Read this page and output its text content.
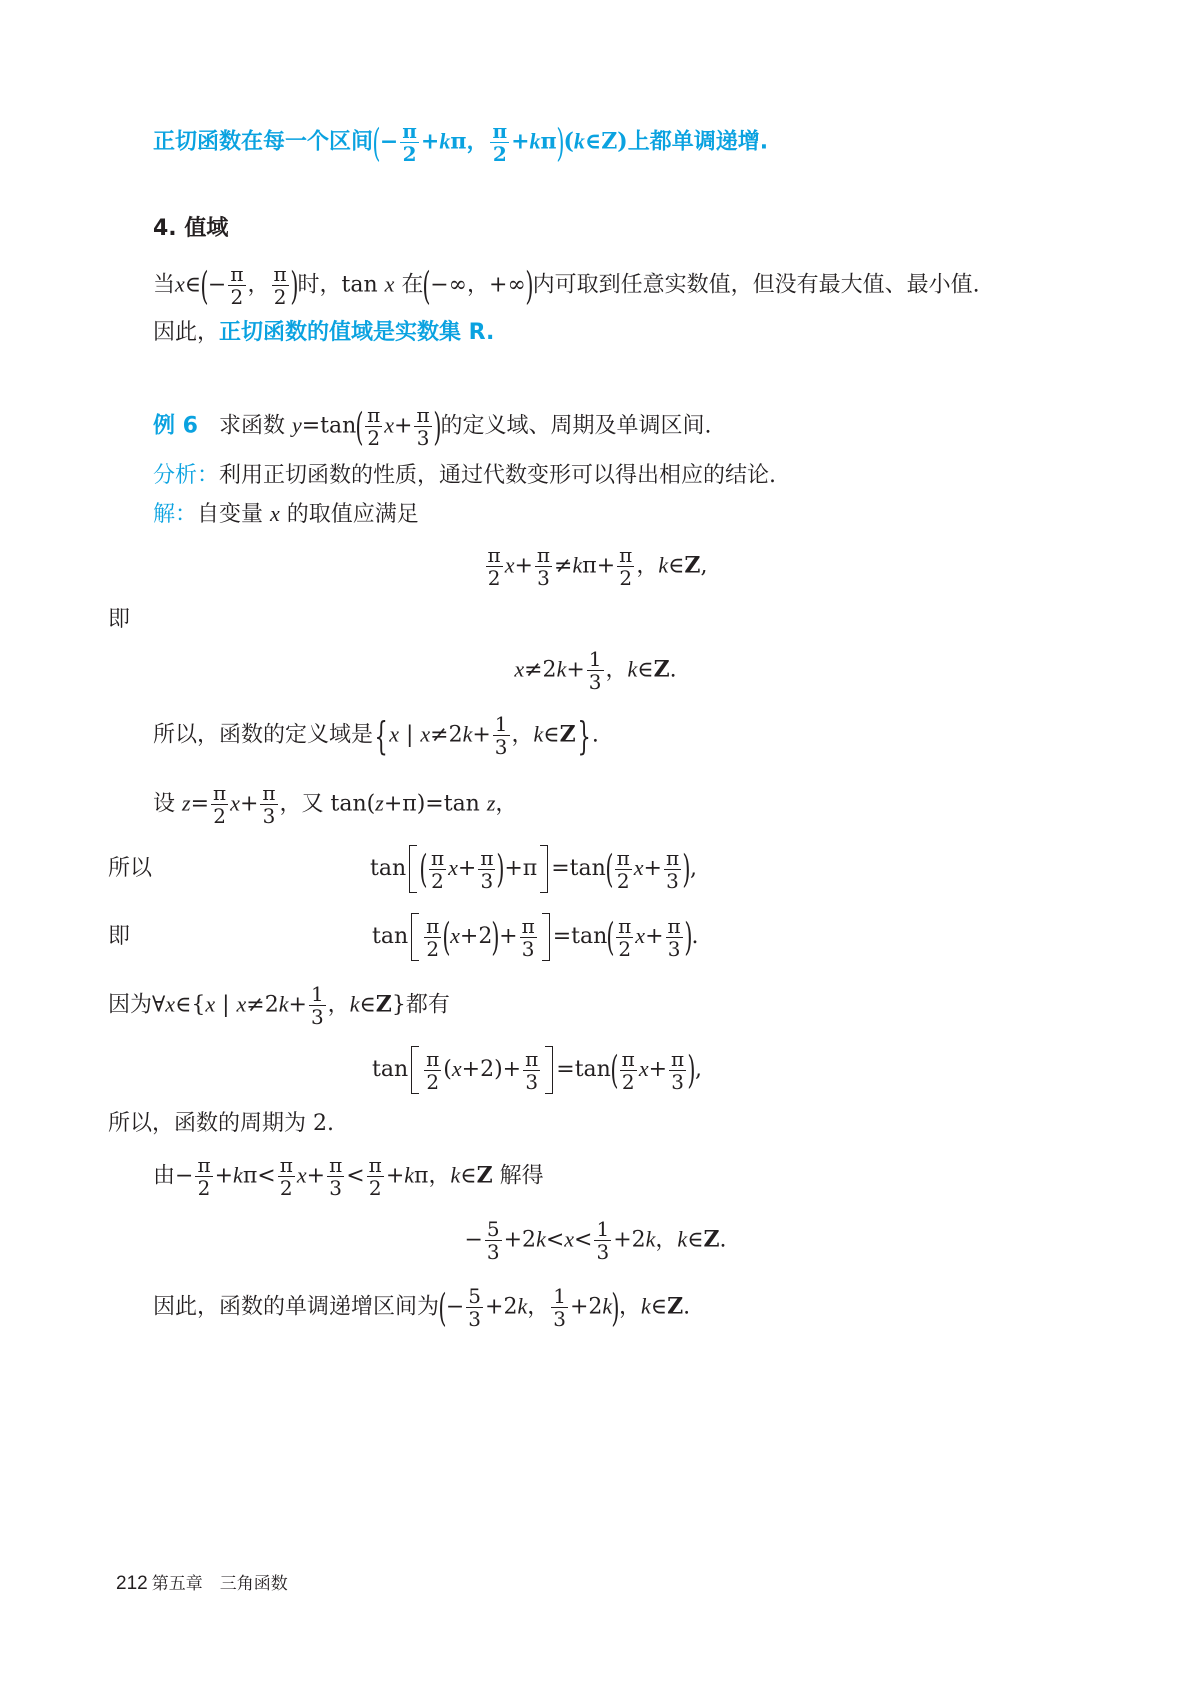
正切函数在每一个区间(− $\frac{\pi}{2} +k\pi$， $\frac{\pi}{2}$ +kπ)(k∈Z)上都单调递增.
4. 值域
当x∈(− $\frac{\pi}{2}$ ， $\frac{\pi}{2}$ )时，tan x 在(−∞，+∞)内可取到任意实数值，但没有最大值、最小值.
因此，正切函数的值域是实数集 R.
例 6 求函数 $y=\tan( \frac{\pi}{2} x+ \frac{\pi}{3}$ )的定义域、周期及单调区间.
分析：利用正切函数的性质，通过代数变形可以得出相应的结论.
解：自变量 x 的取值应满足
$\frac{\pi}{2} x+ \frac{\pi}{3} \ne k\pi+ \frac{\pi}{2}$ ，k∈Z,
即
$x\ne 2k+ \frac{1}{3}$ ，k∈Z.
所以，函数的定义域是{x | $x\ne 2k+ \frac{1}{3}$ ，k∈Z}.
设 $z= \frac{\pi}{2} x+ \frac{\pi}{3}$ ，又 tan(z+π)=tan z，
所以	tan ( $\frac{\pi}{2} x+ \frac{\pi}{3} )+\pi =\tan( \frac{\pi}{2} x+ \frac{\pi}{3}$ ),
即	$\tan \frac{\pi}{2} (x+2)+ \frac{\pi}{3} =\tan( \frac{\pi}{2} x+ \frac{\pi}{3}$ ).
因为∀x∈{x | $x\ne 2k+ \frac{1}{3}$ ，k∈Z}都有
$\tan \frac{\pi}{2} (x+2)+ \frac{\pi}{3} =\tan( \frac{\pi}{2} x+ \frac{\pi}{3}$ ),
所以，函数的周期为 2.
由− $\frac{\pi}{2} +k\pi< \frac{\pi}{2} x+ \frac{\pi}{3} < \frac{\pi}{2} +k\pi$，k∈Z 解得
− $\frac{5}{3} +2k<x< \frac{1}{3} +2k$，k∈Z.
因此，函数的单调递增区间为(− $\frac{5}{3} +2k$， $\frac{1}{3} +2k$)，k∈Z.
212 第五章　三角函数
